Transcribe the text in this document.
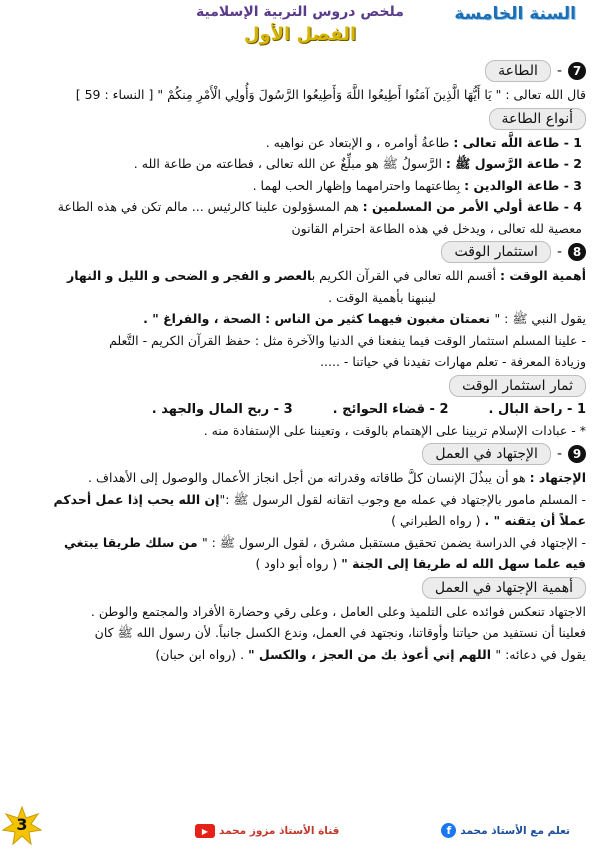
السنة الخامسة
ملخص دروس التربية الإسلامية
الفصل الأول
7
-
الطاعة
قال الله تعالى : " يَا أَيُّهَا الَّذِينَ آمَنُوا أَطِيعُوا اللَّهَ وَأَطِيعُوا الرَّسُولَ وَأُولِي الْأَمْرِ مِنكُمْ " [ النساء : 59 ]
أنواع الطاعة
1 - طاعة اللَّه تعالى : طاعةُ أوامره ، و الإبتعاد عن نواهيه .
2 - طاعة الرَّسول ﷺ : الرَّسولُ ﷺ هو مبلِّغٌ عن الله تعالى ، فطاعته من طاعة الله .
3 - طاعة الوالدين : بِطاعتهما واحترامهما وإظهار الحب لهما .
4 - طاعة أولي الأمر من المسلمين : هم المسؤولون علينا كالرئيس ... مالم تكن في هذه الطاعة
معصية لله تعالى ، ويدخل في هذه الطاعة احترام القانون
8
-
استثمار الوقت
أهمية الوقت : أقسم الله تعالى في القرآن الكريم بالعصر و الفجر و الضحى و الليل و النهار
لينبهنا بأهمية الوقت .
يقول النبي ﷺ : " نعمتان مغبون فيهما كثير من الناس : الصحة ، والفراغ " .
- علينا المسلم استثمار الوقت فيما ينفعنا في الدنيا والآخرة مثل : حفظ القرآن الكريم - التَّعلم
وزيادة المعرفة - تعلم مهارات تفيدنا في حياتنا - .....
ثمار استثمار الوقت
1 - راحة البال .
2 - قضاء الحوائج .
3 - ربح المال والجهد .
* - عبادات الإسلام تربينا على الإهتمام بالوقت ، وتعيننا على الإستفادة منه .
9
-
الإجتهاد في العمل
الإجتهاد : هو أن يبذُلَ الإنسان كلَّ طاقاته وقدراته من أجل انجاز الأعمال والوصول إلى الأهداف .
- المسلم مامور بالإجتهاد في عمله مع وجوب اتقانه لقول الرسول ﷺ :"إن الله يحب إذا عمل أحدكم
عملاً أن يتقنه " . ( رواه الطبراني )
- الإجتهاد في الدراسة يضمن تحقيق مستقبل مشرق ، لقول الرسول ﷺ : " من سلك طريقا يبتغي
فيه علما سهل الله له طريقا إلى الجنة " ( رواه أبو داود )
أهمية الإجتهاد في العمل
الاجتهاد تنعكس فوائده على التلميذ وعلى العامل ، وعلى رقي وحضارة الأفراد والمجتمع والوطن .
فعلينا أن نستفيد من حياتنا وأوقاتنا، ونجتهد في العمل، وندع الكسل جانباً. لأن رسول الله ﷺ كان
يقول في دعائه: " اللهم إني أعوذ بك من العجز ، والكسل " . (رواه ابن حبان)
3	قناة الأستاذ مزوز محمد
▶	تعلم مع الأستاذ محمد
f
